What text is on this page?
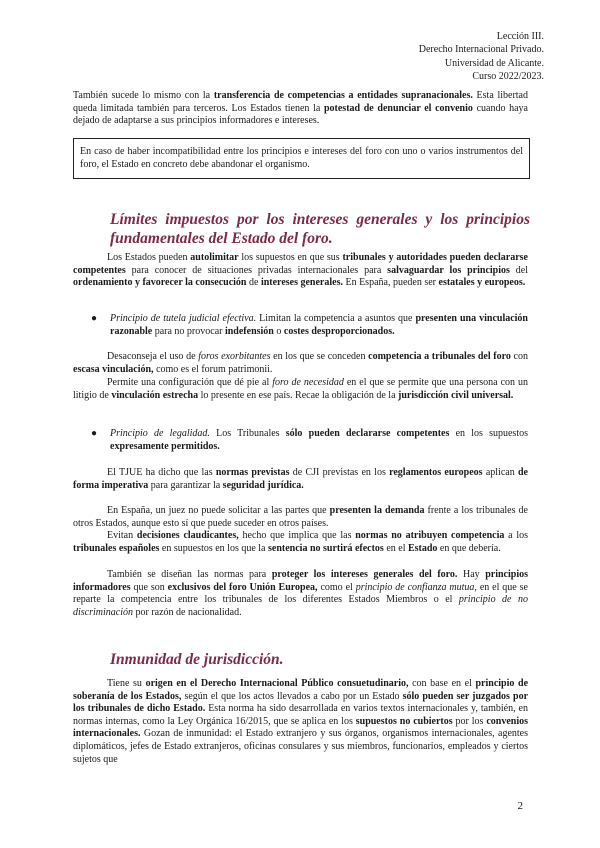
Lección III.
Derecho Internacional Privado.
Universidad de Alicante.
Curso 2022/2023.

También sucede lo mismo con la transferencia de competencias a entidades supranacionales. Esta libertad queda limitada también para terceros. Los Estados tienen la potestad de denunciar el convenio cuando haya dejado de adaptarse a sus principios informadores e intereses.

En caso de haber incompatibilidad entre los principios e intereses del foro con uno o varios instrumentos del foro, el Estado en concreto debe abandonar el organismo.
Límites impuestos por los intereses generales y los principios fundamentales del Estado del foro.

Los Estados pueden autolimitar los supuestos en que sus tribunales y autoridades pueden declararse competentes para conocer de situaciones privadas internacionales para salvaguardar los principios del ordenamiento y favorecer la consecución de intereses generales. En España, pueden ser estatales y europeos.

● Principio de tutela judicial efectiva. Limitan la competencia a asuntos que presenten una vinculación razonable para no provocar indefensión o costes desproporcionados.

Desaconseja el uso de foros exorbitantes en los que se conceden competencia a tribunales del foro con escasa vinculación, como es el forum patrimonii.

Permite una configuración que dé pie al foro de necesidad en el que se permite que una persona con un litigio de vinculación estrecha lo presente en ese país. Recae la obligación de la jurisdicción civil universal.

● Principio de legalidad. Los Tribunales sólo pueden declararse competentes en los supuestos expresamente permitidos.

El TJUE ha dicho que las normas previstas de CJI previstas en los reglamentos europeos aplican de forma imperativa para garantizar la seguridad jurídica.

En España, un juez no puede solicitar a las partes que presenten la demanda frente a los tribunales de otros Estados, aunque esto sí que puede suceder en otros países.

Evitan decisiones claudicantes, hecho que implica que las normas no atribuyen competencia a los tribunales españoles en supuestos en los que la sentencia no surtirá efectos en el Estado en que debería.

También se diseñan las normas para proteger los intereses generales del foro. Hay principios informadores que son exclusivos del foro Unión Europea, como el principio de confianza mutua, en el que se reparte la competencia entre los tribunales de los diferentes Estados Miembros o el principio de no discriminación por razón de nacionalidad.

Inmunidad de jurisdicción.

Tiene su origen en el Derecho Internacional Público consuetudinario, con base en el principio de soberanía de los Estados, según el que los actos llevados a cabo por un Estado sólo pueden ser juzgados por los tribunales de dicho Estado. Esta norma ha sido desarrollada en varios textos internacionales y, también, en normas internas, como la Ley Orgánica 16/2015, que se aplica en los supuestos no cubiertos por los convenios internacionales. Gozan de inmunidad: el Estado extranjero y sus órganos, organismos internacionales, agentes diplomáticos, jefes de Estado extranjeros, oficinas consulares y sus miembros, funcionarios, empleados y ciertos sujetos que

2
